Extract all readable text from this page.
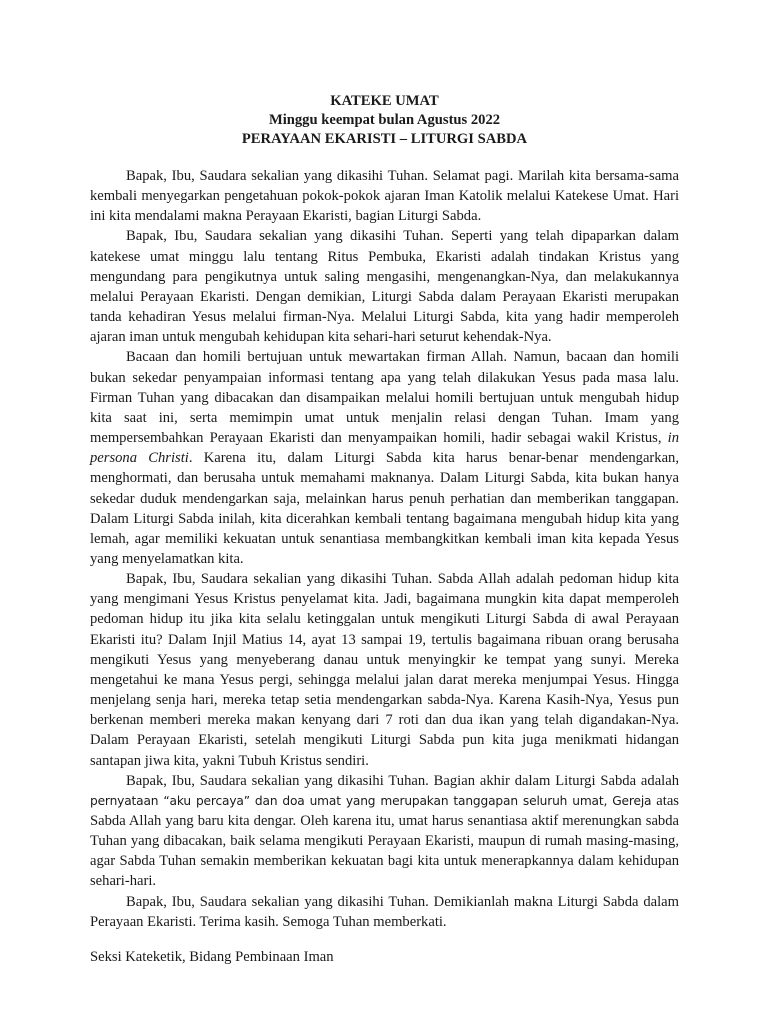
KATEKE UMAT
Minggu keempat bulan Agustus 2022
PERAYAAN EKARISTI – LITURGI SABDA

Bapak, Ibu, Saudara sekalian yang dikasihi Tuhan. Selamat pagi. Marilah kita bersama-sama kembali menyegarkan pengetahuan pokok-pokok ajaran Iman Katolik melalui Katekese Umat. Hari ini kita mendalami makna Perayaan Ekaristi, bagian Liturgi Sabda.

Bapak, Ibu, Saudara sekalian yang dikasihi Tuhan. Seperti yang telah dipaparkan dalam katekese umat minggu lalu tentang Ritus Pembuka, Ekaristi adalah tindakan Kristus yang mengundang para pengikutnya untuk saling mengasihi, mengenangkan-Nya, dan melakukannya melalui Perayaan Ekaristi. Dengan demikian, Liturgi Sabda dalam Perayaan Ekaristi merupakan tanda kehadiran Yesus melalui firman-Nya. Melalui Liturgi Sabda, kita yang hadir memperoleh ajaran iman untuk mengubah kehidupan kita sehari-hari seturut kehendak-Nya.

Bacaan dan homili bertujuan untuk mewartakan firman Allah. Namun, bacaan dan homili bukan sekedar penyampaian informasi tentang apa yang telah dilakukan Yesus pada masa lalu. Firman Tuhan yang dibacakan dan disampaikan melalui homili bertujuan untuk mengubah hidup kita saat ini, serta memimpin umat untuk menjalin relasi dengan Tuhan. Imam yang mempersembahkan Perayaan Ekaristi dan menyampaikan homili, hadir sebagai wakil Kristus, in persona Christi. Karena itu, dalam Liturgi Sabda kita harus benar-benar mendengarkan, menghormati, dan berusaha untuk memahami maknanya. Dalam Liturgi Sabda, kita bukan hanya sekedar duduk mendengarkan saja, melainkan harus penuh perhatian dan memberikan tanggapan. Dalam Liturgi Sabda inilah, kita dicerahkan kembali tentang bagaimana mengubah hidup kita yang lemah, agar memiliki kekuatan untuk senantiasa membangkitkan kembali iman kita kepada Yesus yang menyelamatkan kita.

Bapak, Ibu, Saudara sekalian yang dikasihi Tuhan. Sabda Allah adalah pedoman hidup kita yang mengimani Yesus Kristus penyelamat kita. Jadi, bagaimana mungkin kita dapat memperoleh pedoman hidup itu jika kita selalu ketinggalan untuk mengikuti Liturgi Sabda di awal Perayaan Ekaristi itu? Dalam Injil Matius 14, ayat 13 sampai 19, tertulis bagaimana ribuan orang berusaha mengikuti Yesus yang menyeberang danau untuk menyingkir ke tempat yang sunyi. Mereka mengetahui ke mana Yesus pergi, sehingga melalui jalan darat mereka menjumpai Yesus. Hingga menjelang senja hari, mereka tetap setia mendengarkan sabda-Nya. Karena Kasih-Nya, Yesus pun berkenan memberi mereka makan kenyang dari 7 roti dan dua ikan yang telah digandakan-Nya. Dalam Perayaan Ekaristi, setelah mengikuti Liturgi Sabda pun kita juga menikmati hidangan santapan jiwa kita, yakni Tubuh Kristus sendiri.

Bapak, Ibu, Saudara sekalian yang dikasihi Tuhan. Bagian akhir dalam Liturgi Sabda adalah pernyataan “aku percaya” dan doa umat yang merupakan tanggapan seluruh umat, Gereja atas Sabda Allah yang baru kita dengar. Oleh karena itu, umat harus senantiasa aktif merenungkan sabda Tuhan yang dibacakan, baik selama mengikuti Perayaan Ekaristi, maupun di rumah masing-masing, agar Sabda Tuhan semakin memberikan kekuatan bagi kita untuk menerapkannya dalam kehidupan sehari-hari.

Bapak, Ibu, Saudara sekalian yang dikasihi Tuhan. Demikianlah makna Liturgi Sabda dalam Perayaan Ekaristi. Terima kasih. Semoga Tuhan memberkati.

Seksi Kateketik, Bidang Pembinaan Iman
